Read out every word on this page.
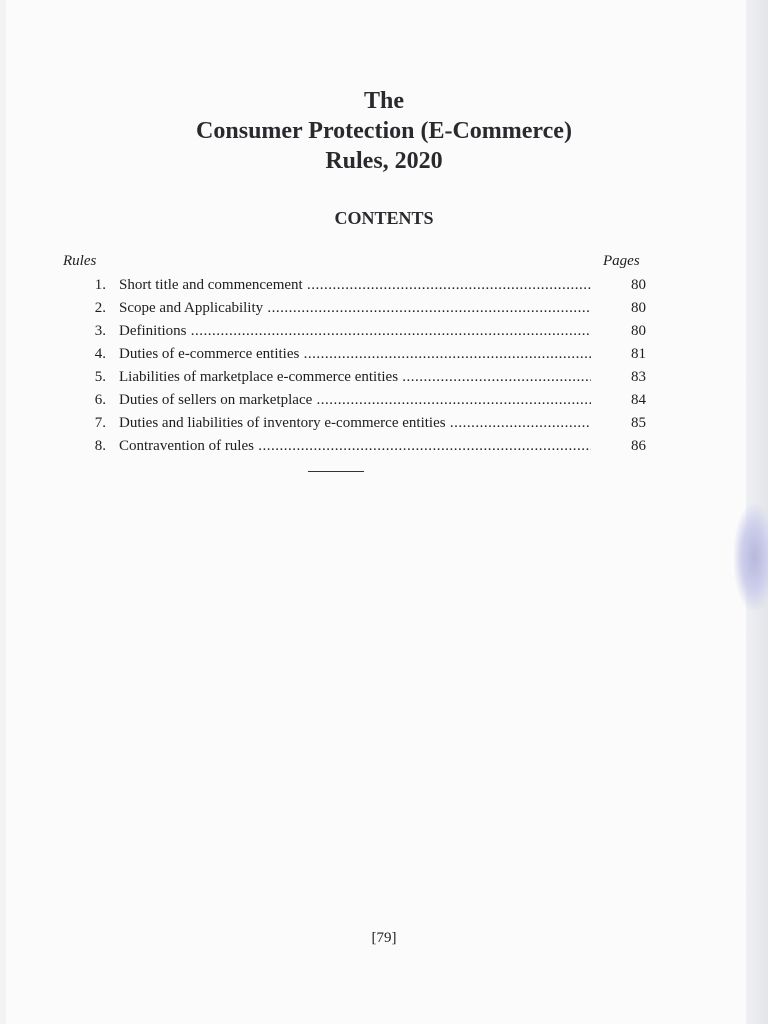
The
Consumer Protection (E-Commerce)
Rules, 2020
CONTENTS
Rules	Pages
1. Short title and commencement .....	80
2. Scope and Applicability .....	80
3. Definitions .....	80
4. Duties of e-commerce entities .....	81
5. Liabilities of marketplace e-commerce entities .....	83
6. Duties of sellers on marketplace .....	84
7. Duties and liabilities of inventory e-commerce entities .....	85
8. Contravention of rules .....	86
[79]
